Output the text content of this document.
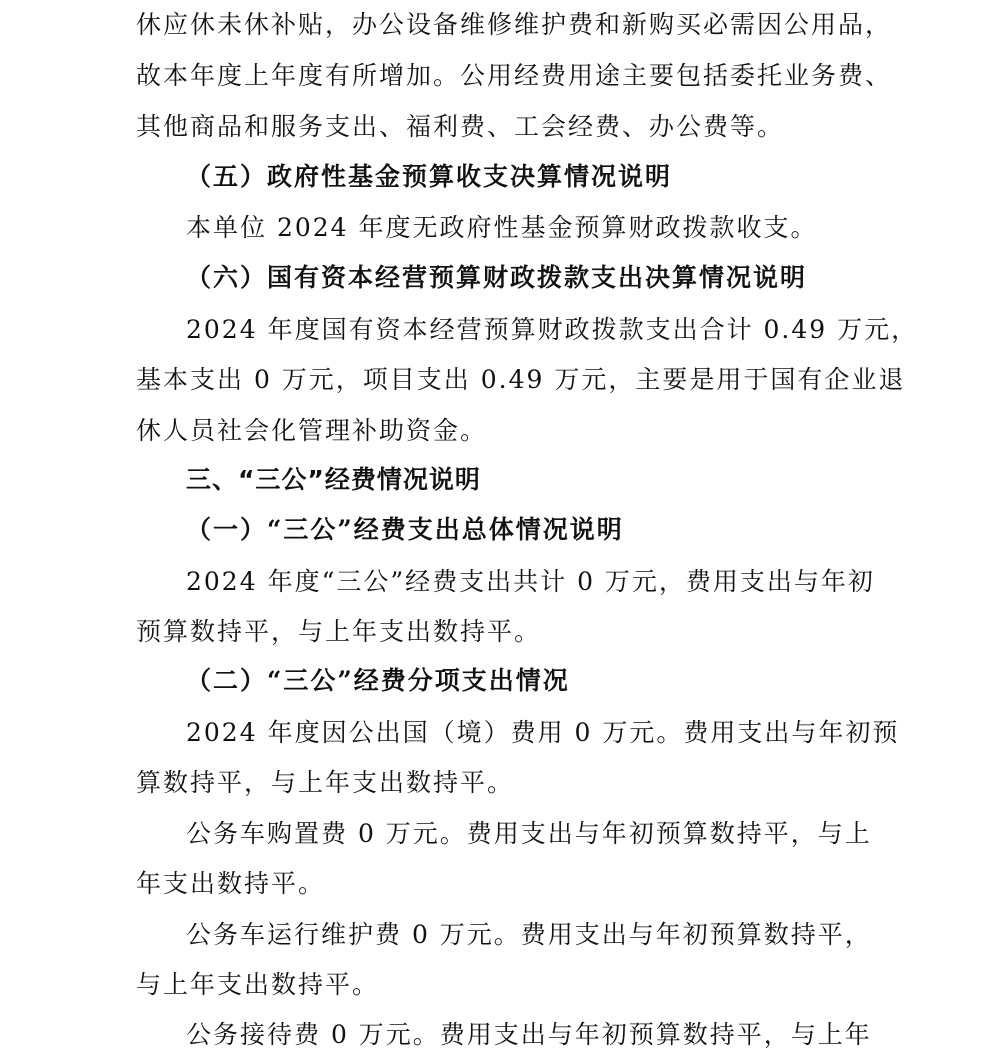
休应休未休补贴，办公设备维修维护费和新购买必需因公用品，
故本年度上年度有所增加。公用经费用途主要包括委托业务费、
其他商品和服务支出、福利费、工会经费、办公费等。
（五）政府性基金预算收支决算情况说明
本单位 2024 年度无政府性基金预算财政拨款收支。
（六）国有资本经营预算财政拨款支出决算情况说明
2024 年度国有资本经营预算财政拨款支出合计 0.49 万元，
基本支出 0 万元，项目支出 0.49 万元，主要是用于国有企业退
休人员社会化管理补助资金。
三、“三公”经费情况说明
（一）“三公”经费支出总体情况说明
2024 年度“三公”经费支出共计 0 万元，费用支出与年初
预算数持平，与上年支出数持平。
（二）“三公”经费分项支出情况
2024 年度因公出国（境）费用 0 万元。费用支出与年初预
算数持平，与上年支出数持平。
公务车购置费 0 万元。费用支出与年初预算数持平，与上
年支出数持平。
公务车运行维护费 0 万元。费用支出与年初预算数持平，
与上年支出数持平。
公务接待费 0 万元。费用支出与年初预算数持平，与上年
